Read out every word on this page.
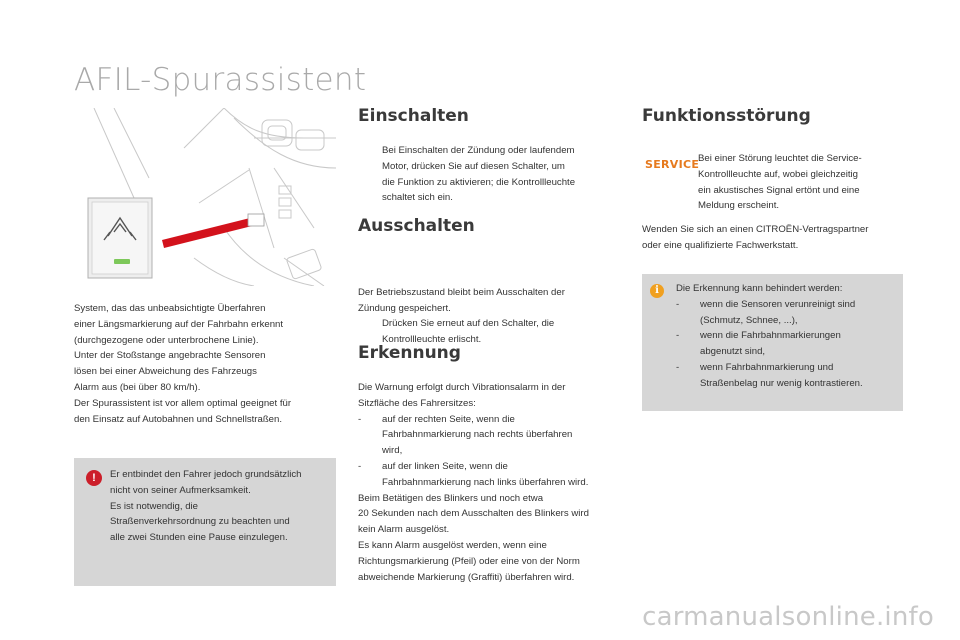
AFIL-Spurassistent
System, das das unbeabsichtigte Überfahren
einer Längsmarkierung auf der Fahrbahn erkennt
(durchgezogene oder unterbrochene Linie).
Unter der Stoßstange angebrachte Sensoren
lösen bei einer Abweichung des Fahrzeugs
Alarm aus (bei über 80 km/h).
Der Spurassistent ist vor allem optimal geeignet für
den Einsatz auf Autobahnen und Schnellstraßen.
!	Er entbindet den Fahrer jedoch grundsätzlich
nicht von seiner Aufmerksamkeit.
Es ist notwendig, die
Straßenverkehrsordnung zu beachten und
alle zwei Stunden eine Pause einzulegen.
Einschalten
Bei Einschalten der Zündung oder laufendem
Motor, drücken Sie auf diesen Schalter, um
die Funktion zu aktivieren; die Kontrollleuchte
schaltet sich ein.
Ausschalten
Drücken Sie erneut auf den Schalter, die
Kontrollleuchte erlischt.
Der Betriebszustand bleibt beim Ausschalten der
Zündung gespeichert.
Erkennung
Die Warnung erfolgt durch Vibrationsalarm in der
Sitzfläche des Fahrersitzes:
- auf der rechten Seite, wenn die
Fahrbahnmarkierung nach rechts überfahren
wird,
- auf der linken Seite, wenn die
Fahrbahnmarkierung nach links überfahren wird.
Beim Betätigen des Blinkers und noch etwa
20 Sekunden nach dem Ausschalten des Blinkers wird
kein Alarm ausgelöst.
Es kann Alarm ausgelöst werden, wenn eine
Richtungsmarkierung (Pfeil) oder eine von der Norm
abweichende Markierung (Graffiti) überfahren wird.
Funktionsstörung
SERVICE
Bei einer Störung leuchtet die Service-
Kontrollleuchte auf, wobei gleichzeitig
ein akustisches Signal ertönt und eine
Meldung erscheint.
Wenden Sie sich an einen CITROËN-Vertragspartner
oder eine qualifizierte Fachwerkstatt.
i	Die Erkennung kann behindert werden:
- wenn die Sensoren verunreinigt sind
(Schmutz, Schnee, ...),
- wenn die Fahrbahnmarkierungen
abgenutzt sind,
- wenn Fahrbahnmarkierung und
Straßenbelag nur wenig kontrastieren.
carmanualsonline.info
